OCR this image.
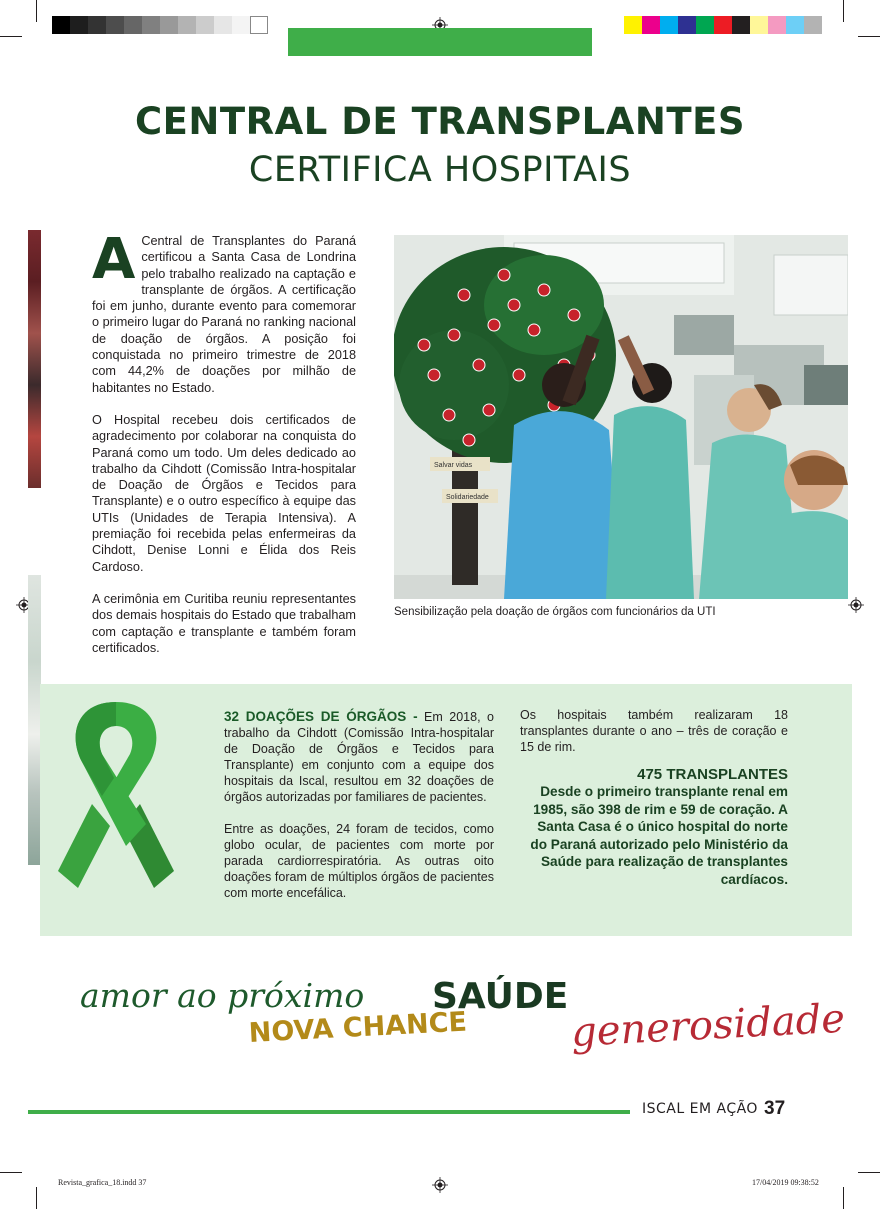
CENTRAL DE TRANSPLANTES
CERTIFICA HOSPITAIS

A Central de Transplantes do Paraná certificou a Santa Casa de Londrina pelo trabalho realizado na captação e transplante de órgãos. A certificação foi em junho, durante evento para comemorar o primeiro lugar do Paraná no ranking nacional de doação de órgãos. A posição foi conquistada no primeiro trimestre de 2018 com 44,2% de doações por milhão de habitantes no Estado.

O Hospital recebeu dois certificados de agradecimento por colaborar na conquista do Paraná como um todo. Um deles dedicado ao trabalho da Cihdott (Comissão Intra-hospitalar de Doação de Órgãos e Tecidos para Transplante) e o outro específico à equipe das UTIs (Unidades de Terapia Intensiva). A premiação foi recebida pelas enfermeiras da Cihdott, Denise Lonni e Élida dos Reis Cardoso.

A cerimônia em Curitiba reuniu representantes dos demais hospitais do Estado que trabalham com captação e transplante e também foram certificados.

Salvar vidas
Solidariedade
Sensibilização pela doação de órgãos com funcionários da UTI

32 DOAÇÕES DE ÓRGÃOS - Em 2018, o trabalho da Cihdott (Comissão Intra-hospitalar de Doação de Órgãos e Tecidos para Transplante) em conjunto com a equipe dos hospitais da Iscal, resultou em 32 doações de órgãos autorizadas por familiares de pacientes.

Entre as doações, 24 foram de tecidos, como globo ocular, de pacientes com morte por parada cardiorrespiratória. As outras oito doações foram de múltiplos órgãos de pacientes com morte encefálica.

Os hospitais também realizaram 18 transplantes durante o ano – três de coração e 15 de rim.

475 TRANSPLANTES
Desde o primeiro transplante renal em 1985, são 398 de rim e 59 de coração. A Santa Casa é o único hospital do norte do Paraná autorizado pelo Ministério da Saúde para realização de transplantes cardíacos.
amor ao próximo SAÚDE
NOVA CHANCE	generosidade
ISCAL EM AÇÃO 37
Revista_grafica_18.indd 37	17/04/2019 09:38:52
